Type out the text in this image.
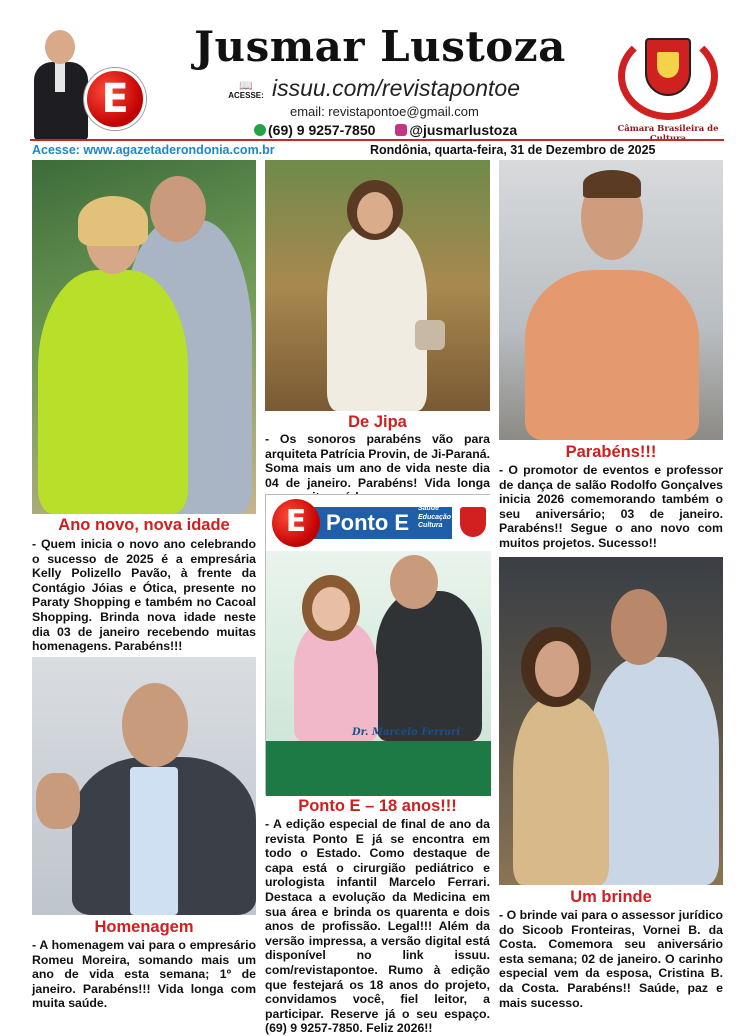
E
Jusmar Lustoza
📖
ACESSE: issuu.com/revistapontoe
email: revistapontoe@gmail.com
(69) 9 9257-7850 @jusmarlustoza	Câmara Brasileira de
Acesse: www.agazetaderondonia.com.br	Rondônia, quarta-feira, 31 de Dezembro de 2025
Ano novo, nova idade
- Quem inicia o novo ano celebrando o sucesso de 2025 é a empresária Kelly Polizello Pavão, à frente da Contágio Jóias e Ótica, presente no Paraty Shopping e também no Cacoal Shopping. Brinda nova idade neste dia 03 de janeiro recebendo muitas homenagens. Parabéns!!!
Homenagem
- A homenagem vai para o empresário Romeu Moreira, somando mais um ano de vida esta semana; 1º de janeiro. Parabéns!!! Vida longa com muita saúde.
De Jipa
- Os sonoros parabéns vão para arquiteta Patrícia Provin, de Ji-Paraná. Soma mais um ano de vida neste dia 04 de janeiro. Parabéns! Vida longa
Ponto E
Saúde Educação Cultura
E
Dr. Marcelo Ferrari
Ponto E – 18 anos!!!
- A edição especial de final de ano da revista Ponto E já se encontra em todo o Estado. Como destaque de capa está o cirurgião pediátrico e urologista infantil Marcelo Ferrari. Destaca a evolução da Medicina em sua área e brinda os quarenta e dois anos de profissão. Legal!!! Além da versão impressa, a versão digital está disponível no link issuu. com/revistapontoe. Rumo à edição que festejará os 18 anos do projeto, convidamos você, fiel leitor, a participar. Reserve já o seu espaço. (69) 9 9257-7850. Feliz 2026!!
Parabéns!!!
- O promotor de eventos e professor de dança de salão Rodolfo Gonçalves inicia 2026 comemorando também o seu aniversário; 03 de janeiro. Parabéns!! Segue o ano novo com muitos projetos. Sucesso!!
Um brinde
- O brinde vai para o assessor jurídico do Sicoob Fronteiras, Vornei B. da Costa. Comemora seu aniversário esta semana; 02 de janeiro. O carinho especial vem da esposa, Cristina B. da Costa. Parabéns!! Saúde, paz e mais sucesso.
